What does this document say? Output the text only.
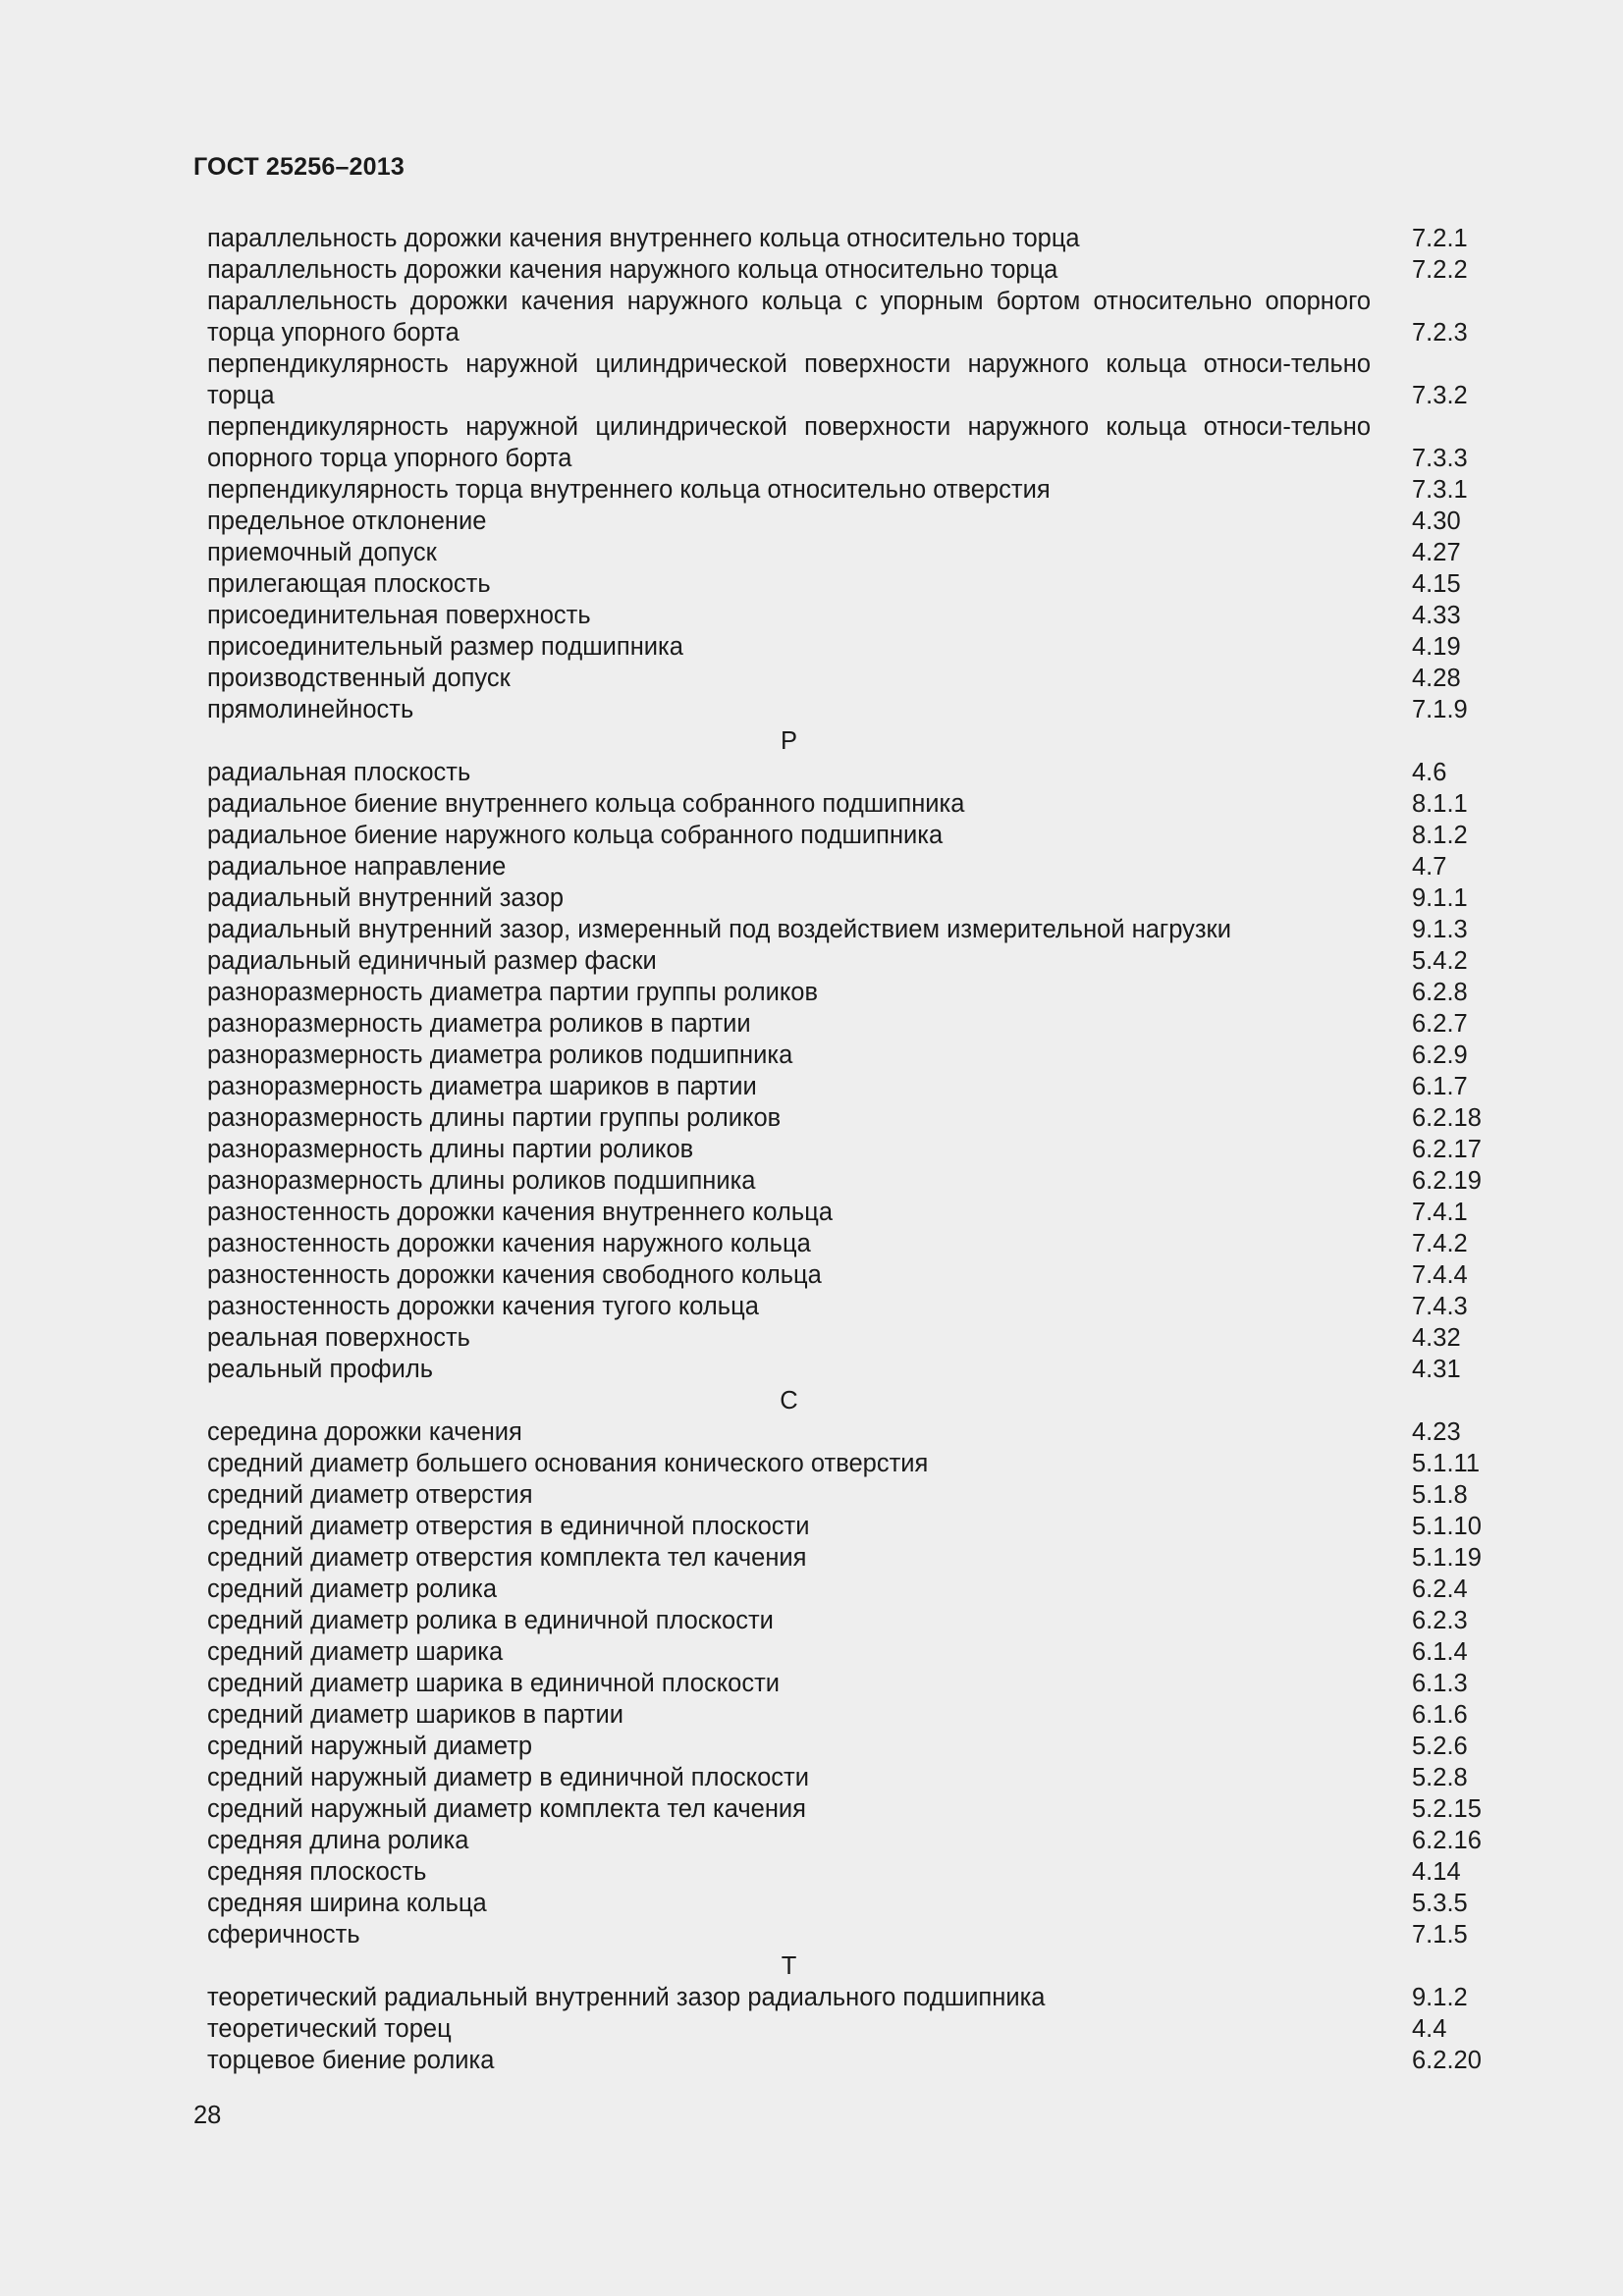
ГОСТ 25256–2013
параллельность дорожки качения внутреннего кольца относительно торца	7.2.1
параллельность дорожки качения наружного кольца относительно торца	7.2.2
параллельность дорожки качения наружного кольца с упорным бортом относительно опорного торца упорного борта	7.2.3
перпендикулярность наружной цилиндрической поверхности наружного кольца относи-тельно торца	7.3.2
перпендикулярность наружной цилиндрической поверхности наружного кольца относи-тельно опорного торца упорного борта	7.3.3
перпендикулярность торца внутреннего кольца относительно отверстия	7.3.1
предельное отклонение	4.30
приемочный допуск	4.27
прилегающая плоскость	4.15
присоединительная поверхность	4.33
присоединительный размер подшипника	4.19
производственный допуск	4.28
прямолинейность	7.1.9
Р
радиальная плоскость	4.6
радиальное биение внутреннего кольца собранного подшипника	8.1.1
радиальное биение наружного кольца собранного подшипника	8.1.2
радиальное направление	4.7
радиальный внутренний зазор	9.1.1
радиальный внутренний зазор, измеренный под воздействием измерительной нагрузки	9.1.3
радиальный единичный размер фаски	5.4.2
разноразмерность диаметра партии группы роликов	6.2.8
разноразмерность диаметра роликов в партии	6.2.7
разноразмерность диаметра роликов подшипника	6.2.9
разноразмерность диаметра шариков в партии	6.1.7
разноразмерность длины партии группы роликов	6.2.18
разноразмерность длины партии роликов	6.2.17
разноразмерность длины роликов подшипника	6.2.19
разностенность дорожки качения внутреннего кольца	7.4.1
разностенность дорожки качения наружного кольца	7.4.2
разностенность дорожки качения свободного кольца	7.4.4
разностенность дорожки качения тугого кольца	7.4.3
реальная поверхность	4.32
реальный профиль	4.31
С
середина дорожки качения	4.23
средний диаметр большего основания конического отверстия	5.1.11
средний диаметр отверстия	5.1.8
средний диаметр отверстия в единичной плоскости	5.1.10
средний диаметр отверстия комплекта тел качения	5.1.19
средний диаметр ролика	6.2.4
средний диаметр ролика в единичной плоскости	6.2.3
средний диаметр шарика	6.1.4
средний диаметр шарика в единичной плоскости	6.1.3
средний диаметр шариков в партии	6.1.6
средний наружный диаметр	5.2.6
средний наружный диаметр в единичной плоскости	5.2.8
средний наружный диаметр комплекта тел качения	5.2.15
средняя длина ролика	6.2.16
средняя плоскость	4.14
средняя ширина кольца	5.3.5
сферичность	7.1.5
Т
теоретический радиальный внутренний зазор радиального подшипника	9.1.2
теоретический торец	4.4
торцевое биение ролика	6.2.20
28
